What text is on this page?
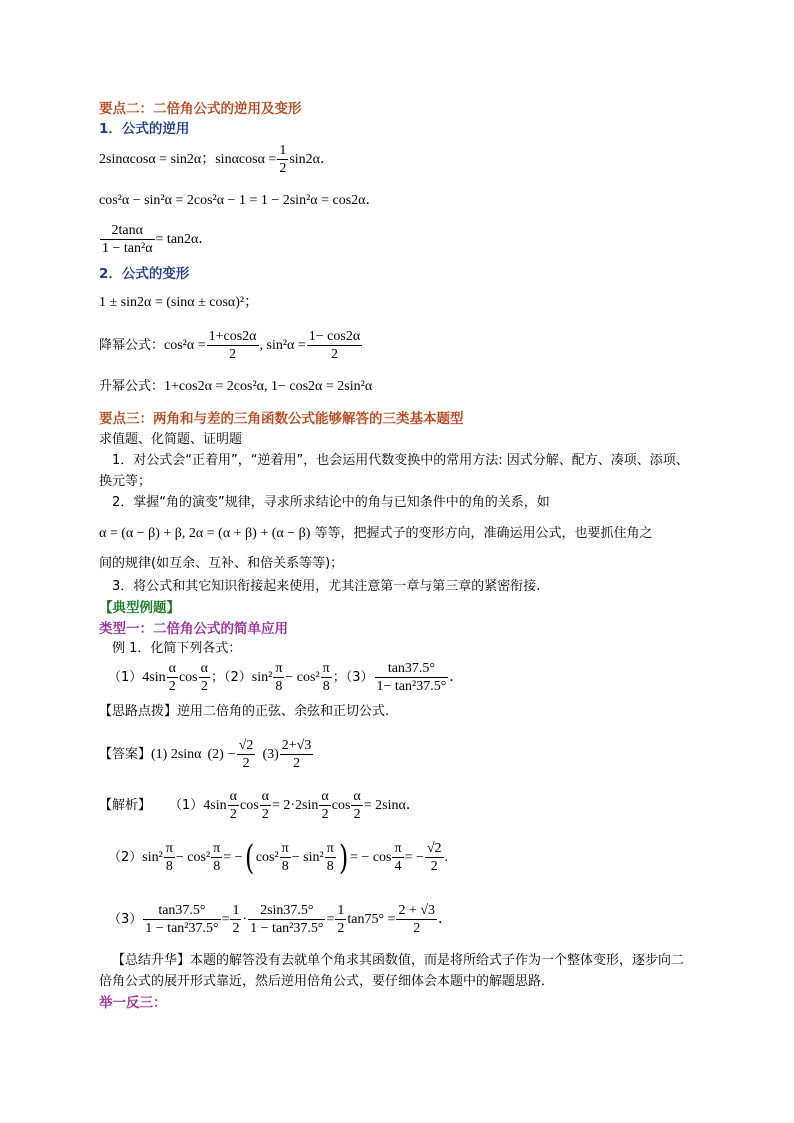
要点二：二倍角公式的逆用及变形
1．公式的逆用
2sinαcosα = sin2α；$\sin\alpha\cos\alpha = \frac{1}{2} \sin 2\alpha$．
cos²α − sin²α = 2cos²α − 1 = 1 − 2sin²α = cos2α．
$\frac{2\tan\alpha}{\text{1 − tan²α}} = \tan 2\alpha$．
2．公式的变形
1 ± sin2α = (sinα ± cosα)²；
降幂公式： $\cos^2\alpha = \frac{1+\cos 2\alpha}{2}$ , $\sin^2\alpha = \frac{1- \cos 2\alpha}{2}$
升幂公式：1+cos2α = 2cos²α, 1− cos2α = 2sin²α
要点三：两角和与差的三角函数公式能够解答的三类基本题型
求值题、化简题、证明题
1．对公式会“正着用”，“逆着用”，也会运用代数变换中的常用方法: 因式分解、配方、凑项、添项、
换元等；
2．掌握“角的演变”规律，寻求所求结论中的角与已知条件中的角的关系，如
α = (α − β) + β, 2α = (α + β) + (α − β) 等等，把握式子的变形方向，准确运用公式，也要抓住角之
间的规律(如互余、互补、和倍关系等等)；
3．将公式和其它知识衔接起来使用，尤其注意第一章与第三章的紧密衔接.
【典型例题】
类型一：二倍角公式的简单应用
例 1．化简下列各式：
（1） $4\sin \frac{\alpha}{2}$ $\cos \frac{\alpha}{2}$ ；（2） $\sin^2 \frac{\pi}{8} - \cos^2 \frac{\pi}{8}$ ；$(3) \frac{\tan 37.5^\circ}{\text{1− tan²37.5°}}$ ．
【思路点拨】逆用二倍角的正弦、余弦和正切公式.
【答案】 (1) 2sinα $(2) - \frac{√2}{2} (3) \frac{2+√3}{2}$
【解析】 （1） $4\sin \frac{\alpha}{2}$ $\cos \frac{\alpha}{2} = 2\cdot 2\sin \frac{\alpha}{2}$ $\cos \frac{\alpha}{2} = 2\sin\alpha$．
（2） $\sin^2 \frac{\pi}{8} - \cos^2 \frac{\pi}{8}$ = − ( $\cos^2 \frac{\pi}{8} - \sin^2 \frac{\pi}{8}$ ) = − $\cos \frac{\pi}{4}$ = − $\frac{√2}{2}$ .
$(3) \frac{\tan 37.5^\circ}{\text{1 − tan²37.5°}} = \frac{1}{2} \cdot \frac{2\sin 37.5^\circ}{\text{1 − tan²37.5°}} = \frac{1}{2} \tan 75^\circ = \frac{2 + √3}{2}$ ．
【总结升华】本题的解答没有去就单个角求其函数值，而是将所给式子作为一个整体变形，逐步向二
倍角公式的展开形式靠近，然后逆用倍角公式，要仔细体会本题中的解题思路．
举一反三：
